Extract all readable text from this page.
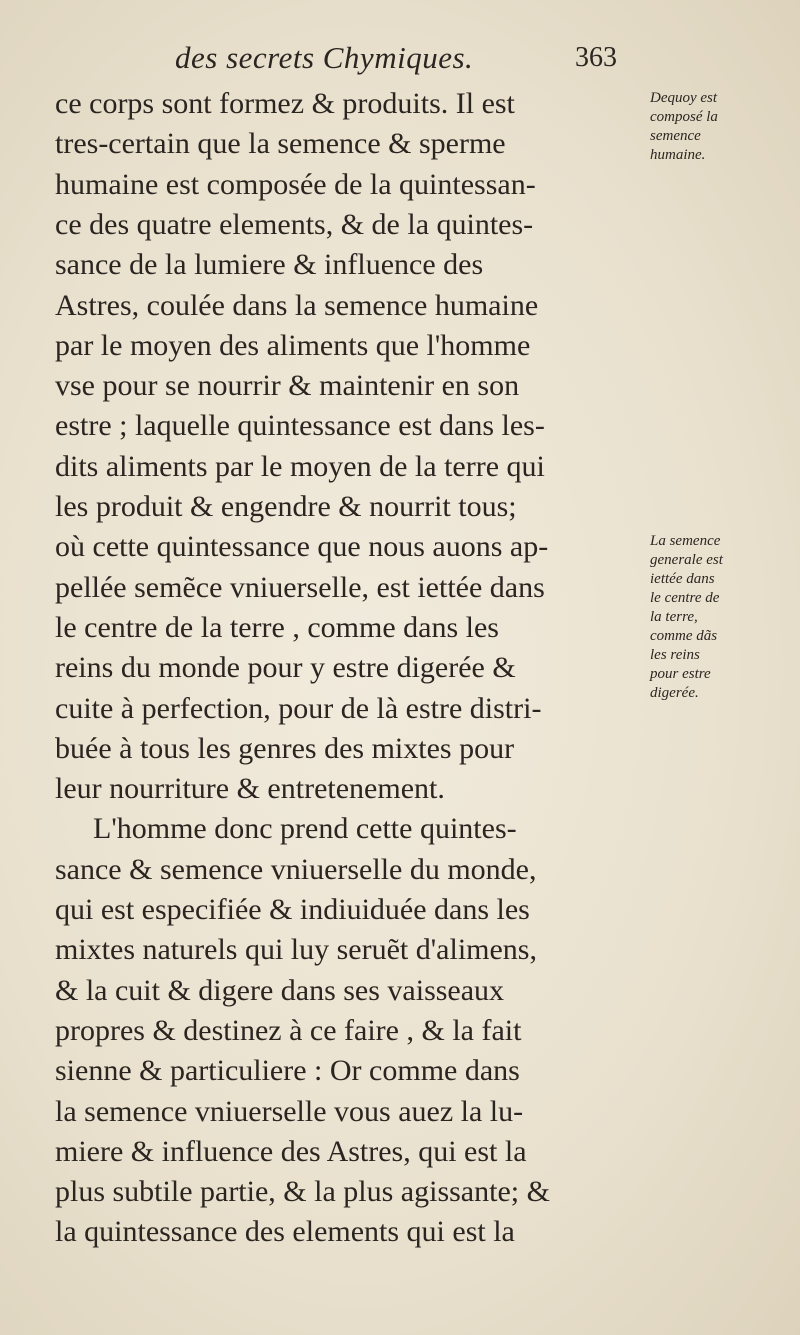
des secrets Chymiques.	363
ce corps sont formez & produits. Il est
tres-certain que la semence & sperme
humaine est composée de la quintessan-
ce des quatre elements, & de la quintes-
sance de la lumiere & influence des
Astres, coulée dans la semence humaine
par le moyen des aliments que l'homme
vse pour se nourrir & maintenir en son
estre ; laquelle quintessance est dans les-
dits aliments par le moyen de la terre qui
les produit & engendre & nourrit tous;
où cette quintessance que nous auons ap-
pellée semẽce vniuerselle, est iettée dans
le centre de la terre , comme dans les
reins du monde pour y estre digerée &
cuite à perfection, pour de là estre distri-
buée à tous les genres des mixtes pour
leur nourriture & entretenement.
L'homme donc prend cette quintes-
sance & semence vniuerselle du monde,
qui est especifiée & indiuiduée dans les
mixtes naturels qui luy seruẽt d'alimens,
& la cuit & digere dans ses vaisseaux
propres & destinez à ce faire , & la fait
sienne & particuliere : Or comme dans
la semence vniuerselle vous auez la lu-
miere & influence des Astres, qui est la
plus subtile partie, & la plus agissante; &
la quintessance des elements qui est la
Dequoy est
composé la
semence
humaine.
La semence
generale est
iettée dans
le centre de
la terre,
comme dãs
les reins
pour estre
digerée.
